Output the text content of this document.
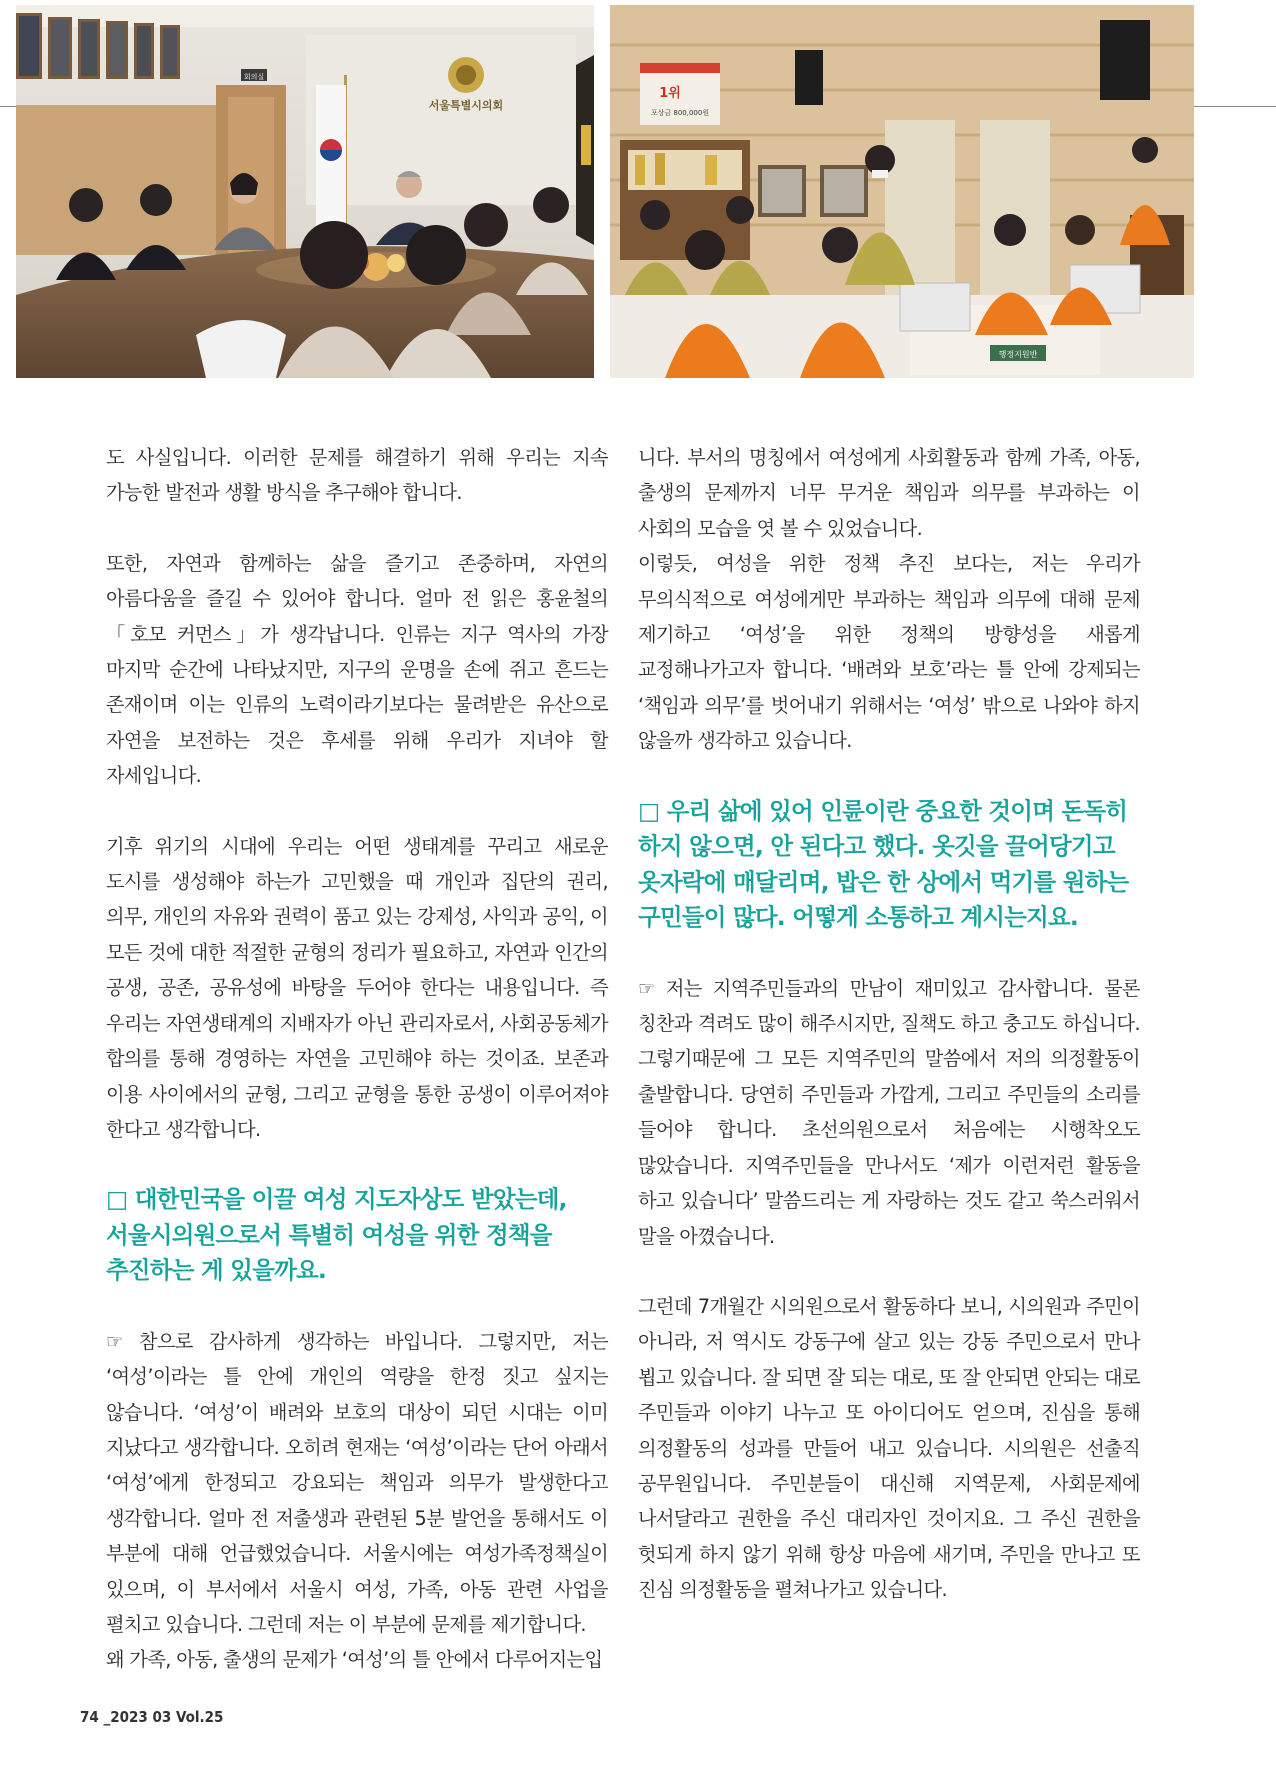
서울특별시의회
회의실
1위
포상금 800,000원
행정지원반

도 사실입니다. 이러한 문제를 해결하기 위해 우리는 지속 가능한 발전과 생활 방식을 추구해야 합니다.

또한, 자연과 함께하는 삶을 즐기고 존중하며, 자연의 아름다움을 즐길 수 있어야 합니다. 얼마 전 읽은 홍윤철의 「호모 커먼스」가 생각납니다. 인류는 지구 역사의 가장 마지막 순간에 나타났지만, 지구의 운명을 손에 쥐고 흔드는 존재이며 이는 인류의 노력이라기보다는 물려받은 유산으로 자연을 보전하는 것은 후세를 위해 우리가 지녀야 할 자세입니다.

기후 위기의 시대에 우리는 어떤 생태계를 꾸리고 새로운 도시를 생성해야 하는가 고민했을 때 개인과 집단의 권리, 의무, 개인의 자유와 권력이 품고 있는 강제성, 사익과 공익, 이 모든 것에 대한 적절한 균형의 정리가 필요하고, 자연과 인간의 공생, 공존, 공유성에 바탕을 두어야 한다는 내용입니다. 즉 우리는 자연생태계의 지배자가 아닌 관리자로서, 사회공동체가 합의를 통해 경영하는 자연을 고민해야 하는 것이죠. 보존과 이용 사이에서의 균형, 그리고 균형을 통한 공생이 이루어져야 한다고 생각합니다.

□ 대한민국을 이끌 여성 지도자상도 받았는데, 서울시의원으로서 특별히 여성을 위한 정책을 추진하는 게 있을까요.

☞ 참으로 감사하게 생각하는 바입니다. 그렇지만, 저는 ‘여성’이라는 틀 안에 개인의 역량을 한정 짓고 싶지는 않습니다. ‘여성’이 배려와 보호의 대상이 되던 시대는 이미 지났다고 생각합니다. 오히려 현재는 ‘여성’이라는 단어 아래서 ‘여성’에게 한정되고 강요되는 책임과 의무가 발생한다고 생각합니다. 얼마 전 저출생과 관련된 5분 발언을 통해서도 이 부분에 대해 언급했었습니다. 서울시에는 여성가족정책실이 있으며, 이 부서에서 서울시 여성, 가족, 아동 관련 사업을 펼치고 있습니다. 그런데 저는 이 부분에 문제를 제기합니다.

왜 가족, 아동, 출생의 문제가 ‘여성’의 틀 안에서 다루어지는입

니다. 부서의 명칭에서 여성에게 사회활동과 함께 가족, 아동, 출생의 문제까지 너무 무거운 책임과 의무를 부과하는 이 사회의 모습을 엿 볼 수 있었습니다.

이렇듯, 여성을 위한 정책 추진 보다는, 저는 우리가 무의식적으로 여성에게만 부과하는 책임과 의무에 대해 문제 제기하고 ‘여성’을 위한 정책의 방향성을 새롭게 교정해나가고자 합니다. ‘배려와 보호’라는 틀 안에 강제되는 ‘책임과 의무’를 벗어내기 위해서는 ‘여성’ 밖으로 나와야 하지 않을까 생각하고 있습니다.

□ 우리 삶에 있어 인륜이란 중요한 것이며 돈독히 하지 않으면, 안 된다고 했다. 옷깃을 끌어당기고 옷자락에 매달리며, 밥은 한 상에서 먹기를 원하는 구민들이 많다. 어떻게 소통하고 계시는지요.

☞ 저는 지역주민들과의 만남이 재미있고 감사합니다. 물론 칭찬과 격려도 많이 해주시지만, 질책도 하고 충고도 하십니다. 그렇기때문에 그 모든 지역주민의 말씀에서 저의 의정활동이 출발합니다. 당연히 주민들과 가깝게, 그리고 주민들의 소리를 들어야 합니다. 초선의원으로서 처음에는 시행착오도 많았습니다. 지역주민들을 만나서도 ‘제가 이런저런 활동을 하고 있습니다’ 말씀드리는 게 자랑하는 것도 같고 쑥스러워서 말을 아꼈습니다.

그런데 7개월간 시의원으로서 활동하다 보니, 시의원과 주민이 아니라, 저 역시도 강동구에 살고 있는 강동 주민으로서 만나 뵙고 있습니다. 잘 되면 잘 되는 대로, 또 잘 안되면 안되는 대로 주민들과 이야기 나누고 또 아이디어도 얻으며, 진심을 통해 의정활동의 성과를 만들어 내고 있습니다. 시의원은 선출직 공무원입니다. 주민분들이 대신해 지역문제, 사회문제에 나서달라고 권한을 주신 대리자인 것이지요. 그 주신 권한을 헛되게 하지 않기 위해 항상 마음에 새기며, 주민을 만나고 또 진심 의정활동을 펼쳐나가고 있습니다.

74 _2023 03 Vol.25
